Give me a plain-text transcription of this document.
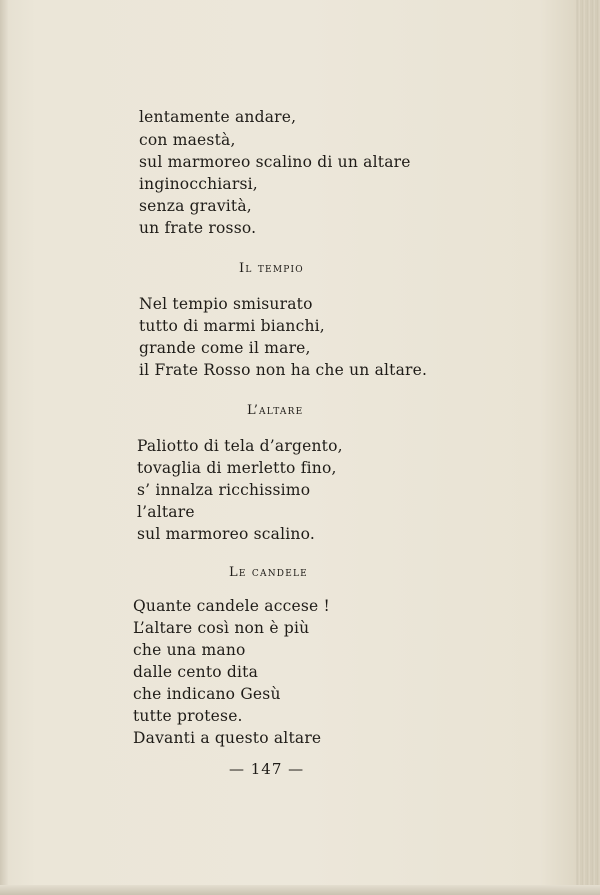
lentamente andare,
con maestà,
sul marmoreo scalino di un altare
inginocchiarsi,
senza gravità,
un frate rosso.
Il tempio
Nel tempio smisurato
tutto di marmi bianchi,
grande come il mare,
il Frate Rosso non ha che un altare.
L’altare
Paliotto di tela d’argento,
tovaglia di merletto fino,
s’ innalza ricchissimo
l’altare
sul marmoreo scalino.
Le candele
Quante candele accese !
L’altare così non è più
che una mano
dalle cento dita
che indicano Gesù
tutte protese.
Davanti a questo altare
— 147 —
